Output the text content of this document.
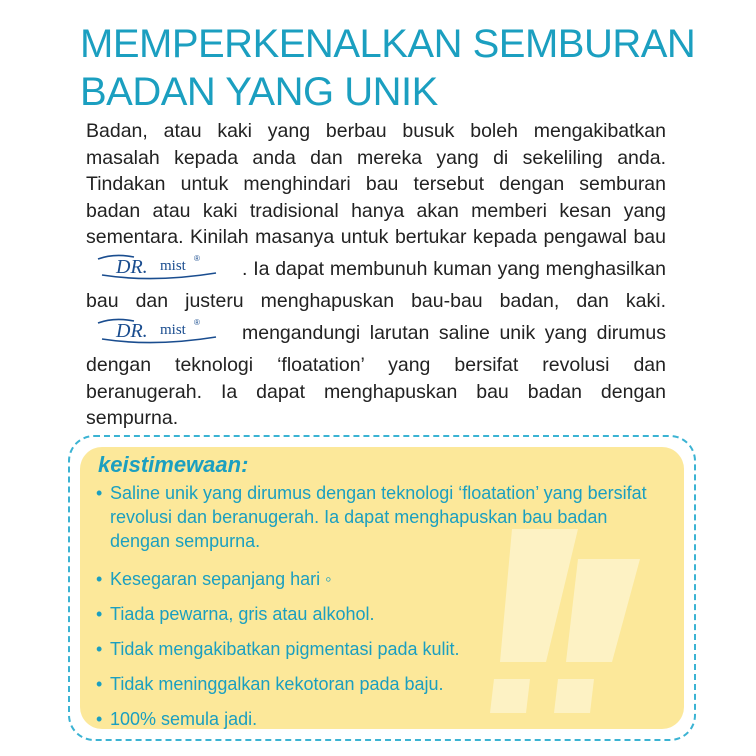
MEMPERKENALKAN SEMBURAN
BADAN YANG UNIK

Badan, atau kaki yang berbau busuk boleh mengakibatkan masalah kepada anda dan mereka yang di sekeliling anda. Tindakan untuk menghindari bau tersebut dengan semburan badan atau kaki tradisional hanya akan memberi kesan yang sementara. Kinilah masanya untuk bertukar kepada pengawal bau
DR. mist ® . Ia dapat membunuh kuman yang menghasilkan bau dan justeru menghapuskan bau-bau badan, dan kaki.
DR. mist ® mengandungi larutan saline unik yang dirumus dengan teknologi ‘floatation’ yang bersifat revolusi dan beranugerah. Ia dapat menghapuskan bau badan dengan sempurna.

keistimewaan:
• Saline unik yang dirumus dengan teknologi ‘floatation’ yang bersifat revolusi dan beranugerah. Ia dapat menghapuskan bau badan dengan sempurna.
• Kesegaran sepanjang hari ◦
• Tiada pewarna, gris atau alkohol.
• Tidak mengakibatkan pigmentasi pada kulit.
• Tidak meninggalkan kekotoran pada baju.
• 100% semula jadi.
